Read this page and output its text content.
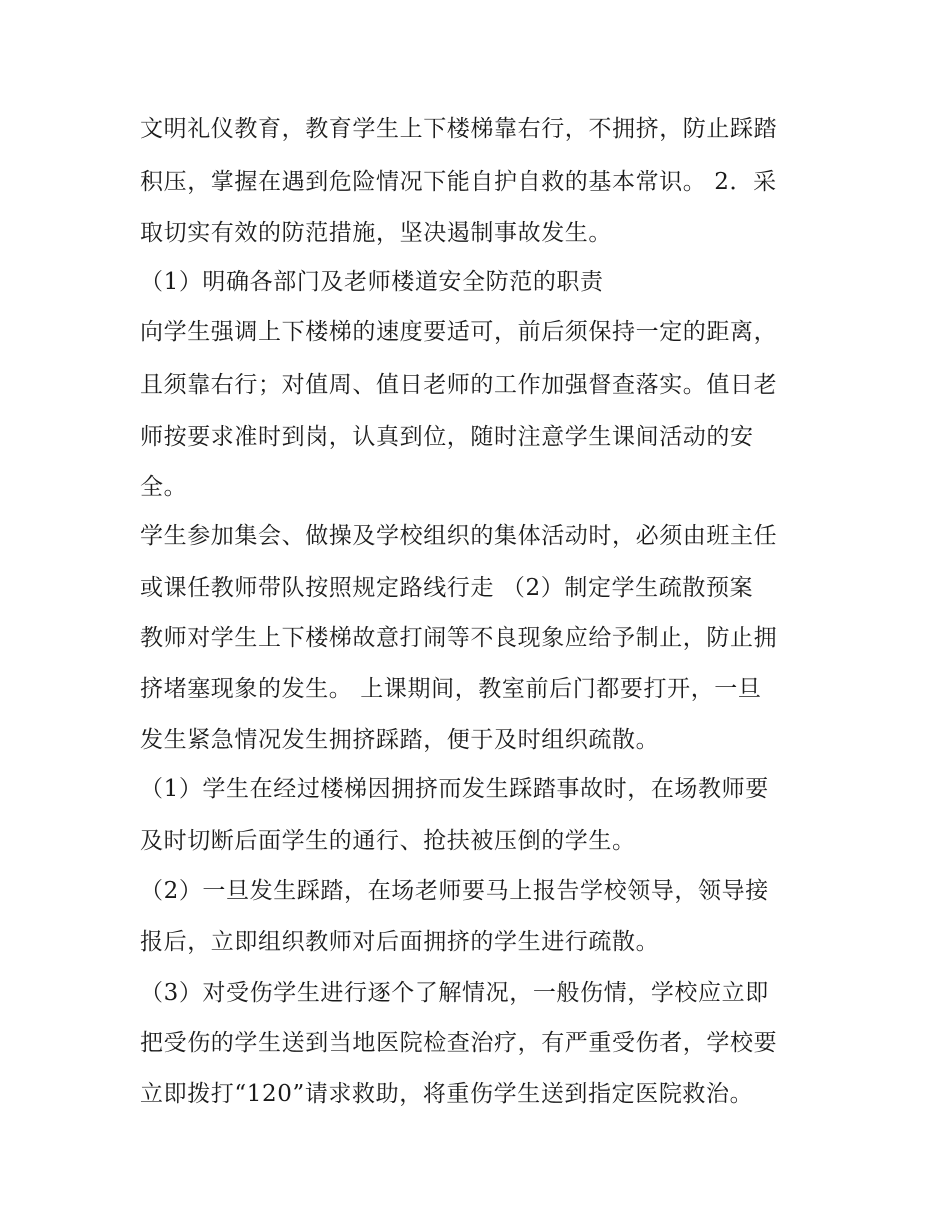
文明礼仪教育，教育学生上下楼梯靠右行，不拥挤，防止踩踏
积压，掌握在遇到危险情况下能自护自救的基本常识。 2．采
取切实有效的防范措施，坚决遏制事故发生。
（1）明确各部门及老师楼道安全防范的职责
向学生强调上下楼梯的速度要适可，前后须保持一定的距离，
且须靠右行；对值周、值日老师的工作加强督查落实。值日老
师按要求准时到岗，认真到位，随时注意学生课间活动的安
全。
学生参加集会、做操及学校组织的集体活动时，必须由班主任
或课任教师带队按照规定路线行走 （2）制定学生疏散预案
教师对学生上下楼梯故意打闹等不良现象应给予制止，防止拥
挤堵塞现象的发生。 上课期间，教室前后门都要打开，一旦
发生紧急情况发生拥挤踩踏，便于及时组织疏散。
（1）学生在经过楼梯因拥挤而发生踩踏事故时，在场教师要
及时切断后面学生的通行、抢扶被压倒的学生。
（2）一旦发生踩踏，在场老师要马上报告学校领导，领导接
报后，立即组织教师对后面拥挤的学生进行疏散。
（3）对受伤学生进行逐个了解情况，一般伤情，学校应立即
把受伤的学生送到当地医院检查治疗，有严重受伤者，学校要
立即拨打“120”请求救助，将重伤学生送到指定医院救治。
